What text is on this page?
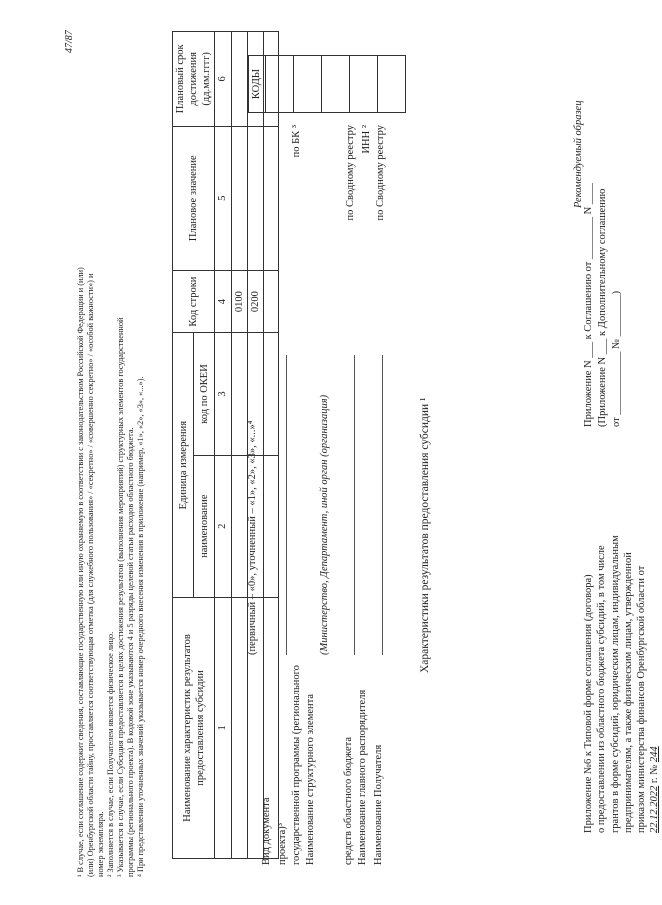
Приложение №6 к Типовой форме соглашения (договора) о предоставлении из областного бюджета субсидий, в том числе грантов в форме субсидий, юридическим лицам, индивидуальным предпринимателям, а также физическим лицам, утвержденной приказом министерства финансов Оренбургской области от 22.12.2022 г. № 244
Приложение N ___ к Соглашению от ________ N ____ (Приложение N ___ к Дополнительному соглашению от ____________ № ________)
Рекомендуемый образец
КОДЫ
Характеристики результатов предоставления субсидии ¹
Наименование Получателя
Наименование главного распорядителя
средств областного бюджета
(Министерство, Департамент, иной орган (организация)
Наименование структурного элемента
государственной программы (регионального
проекта)³
Вид документа
(первичный – «0», уточненный – «1», «2», «3», «...»⁴
по Сводному реестру
ИНН ²
по Сводному реестру
по БК ³
Наименование характеристик результатов предоставления субсидии	Единица измерения		Код строки	Плановое значение	Плановый срок достижения (дд.мм.гггг)
	наименование	код по ОКЕИ			
1	2	3	4	5	6
			0100		
			0200		

¹ В случае, если соглашение содержит сведения, составляющие государственную или иную охраняемую в соответствии с законодательством Российской Федерации и (или) (или) Оренбургской области тайну, проставляется соответствующая отметка (для служебного пользования» / «секретно» / «совершенно секретно» / «особой важности») и номер экземпляра. ² Заполняется в случае, если Получателем является физическое лицо. ³ Указывается в случае, если Субсидия предоставляется в целях достижения результатов (выполнения мероприятий) структурных элементов государственной программы (регионального проекта). В кодовой зоне указываются 4 и 5 разряды целевой статьи расходов областного бюджета. ⁴ При представлении уточненных значений указывается номер очередного внесения изменения в приложение (например, «1», «2», «3», «...»).
47/87
